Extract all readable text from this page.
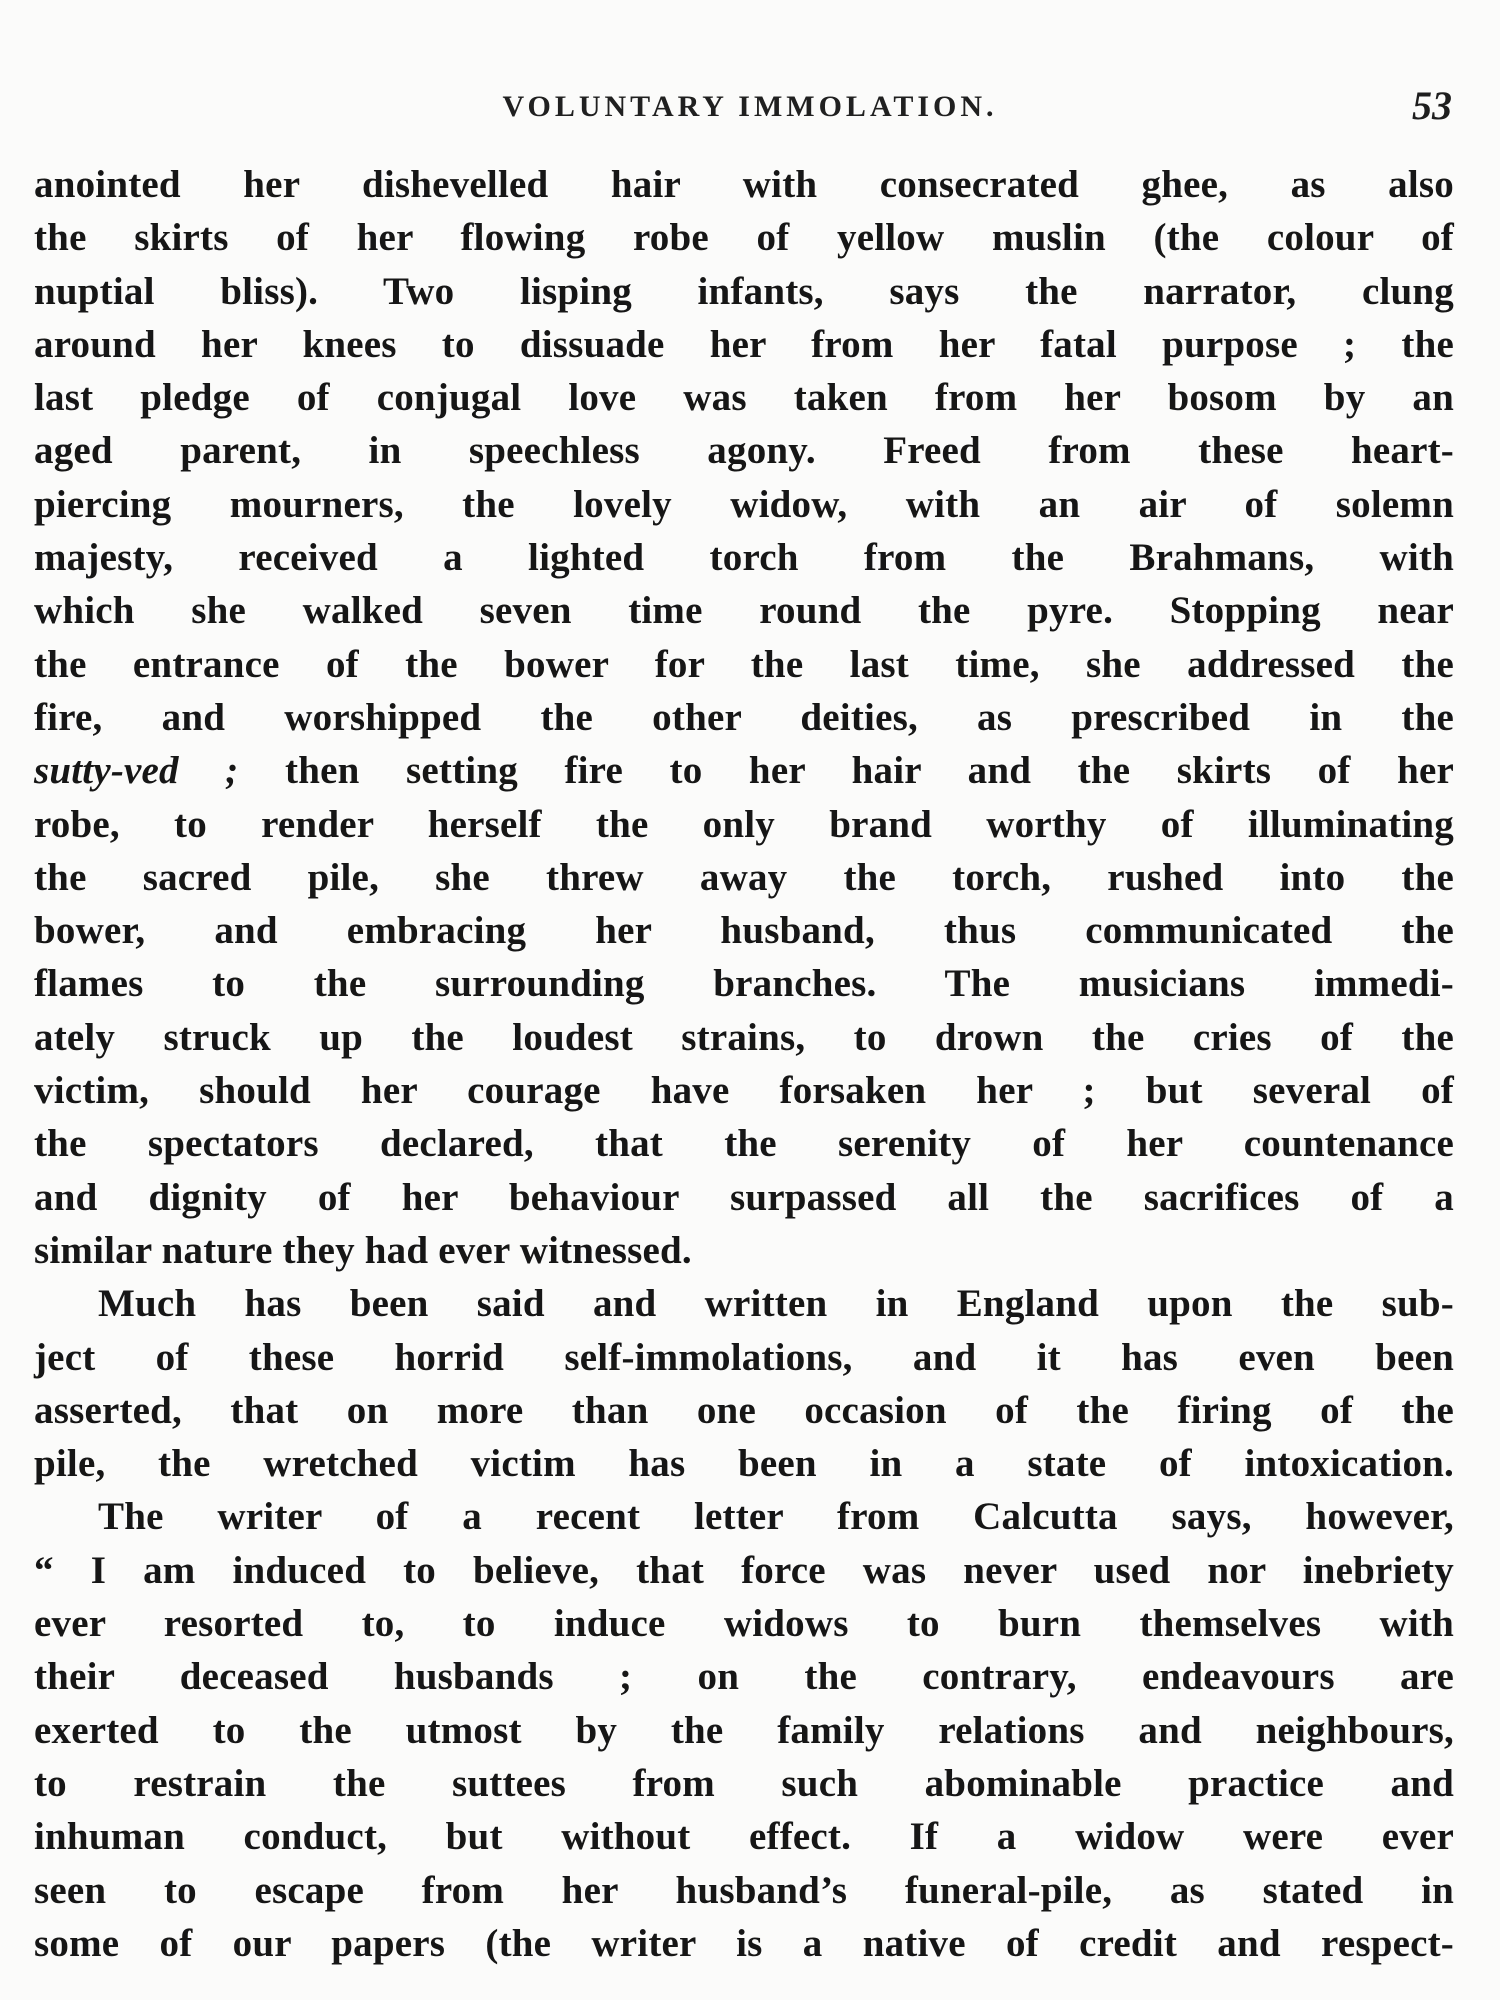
VOLUNTARY IMMOLATION.	53
anointed her dishevelled hair with consecrated ghee, as also
the skirts of her flowing robe of yellow muslin (the colour of
nuptial bliss). Two lisping infants, says the narrator, clung
around her knees to dissuade her from her fatal purpose ; the
last pledge of conjugal love was taken from her bosom by an
aged parent, in speechless agony. Freed from these heart-
piercing mourners, the lovely widow, with an air of solemn
majesty, received a lighted torch from the Brahmans, with
which she walked seven time round the pyre. Stopping near
the entrance of the bower for the last time, she addressed the
fire, and worshipped the other deities, as prescribed in the
sutty-ved ; then setting fire to her hair and the skirts of her
robe, to render herself the only brand worthy of illuminating
the sacred pile, she threw away the torch, rushed into the
bower, and embracing her husband, thus communicated the
flames to the surrounding branches. The musicians immedi-
ately struck up the loudest strains, to drown the cries of the
victim, should her courage have forsaken her ; but several of
the spectators declared, that the serenity of her countenance
and dignity of her behaviour surpassed all the sacrifices of a
similar nature they had ever witnessed.
Much has been said and written in England upon the sub-
ject of these horrid self-immolations, and it has even been
asserted, that on more than one occasion of the firing of the
pile, the wretched victim has been in a state of intoxication.
The writer of a recent letter from Calcutta says, however,
“ I am induced to believe, that force was never used nor inebriety
ever resorted to, to induce widows to burn themselves with
their deceased husbands ; on the contrary, endeavours are
exerted to the utmost by the family relations and neighbours,
to restrain the suttees from such abominable practice and
inhuman conduct, but without effect. If a widow were ever
seen to escape from her husband’s funeral-pile, as stated in
some of our papers (the writer is a native of credit and respect-
